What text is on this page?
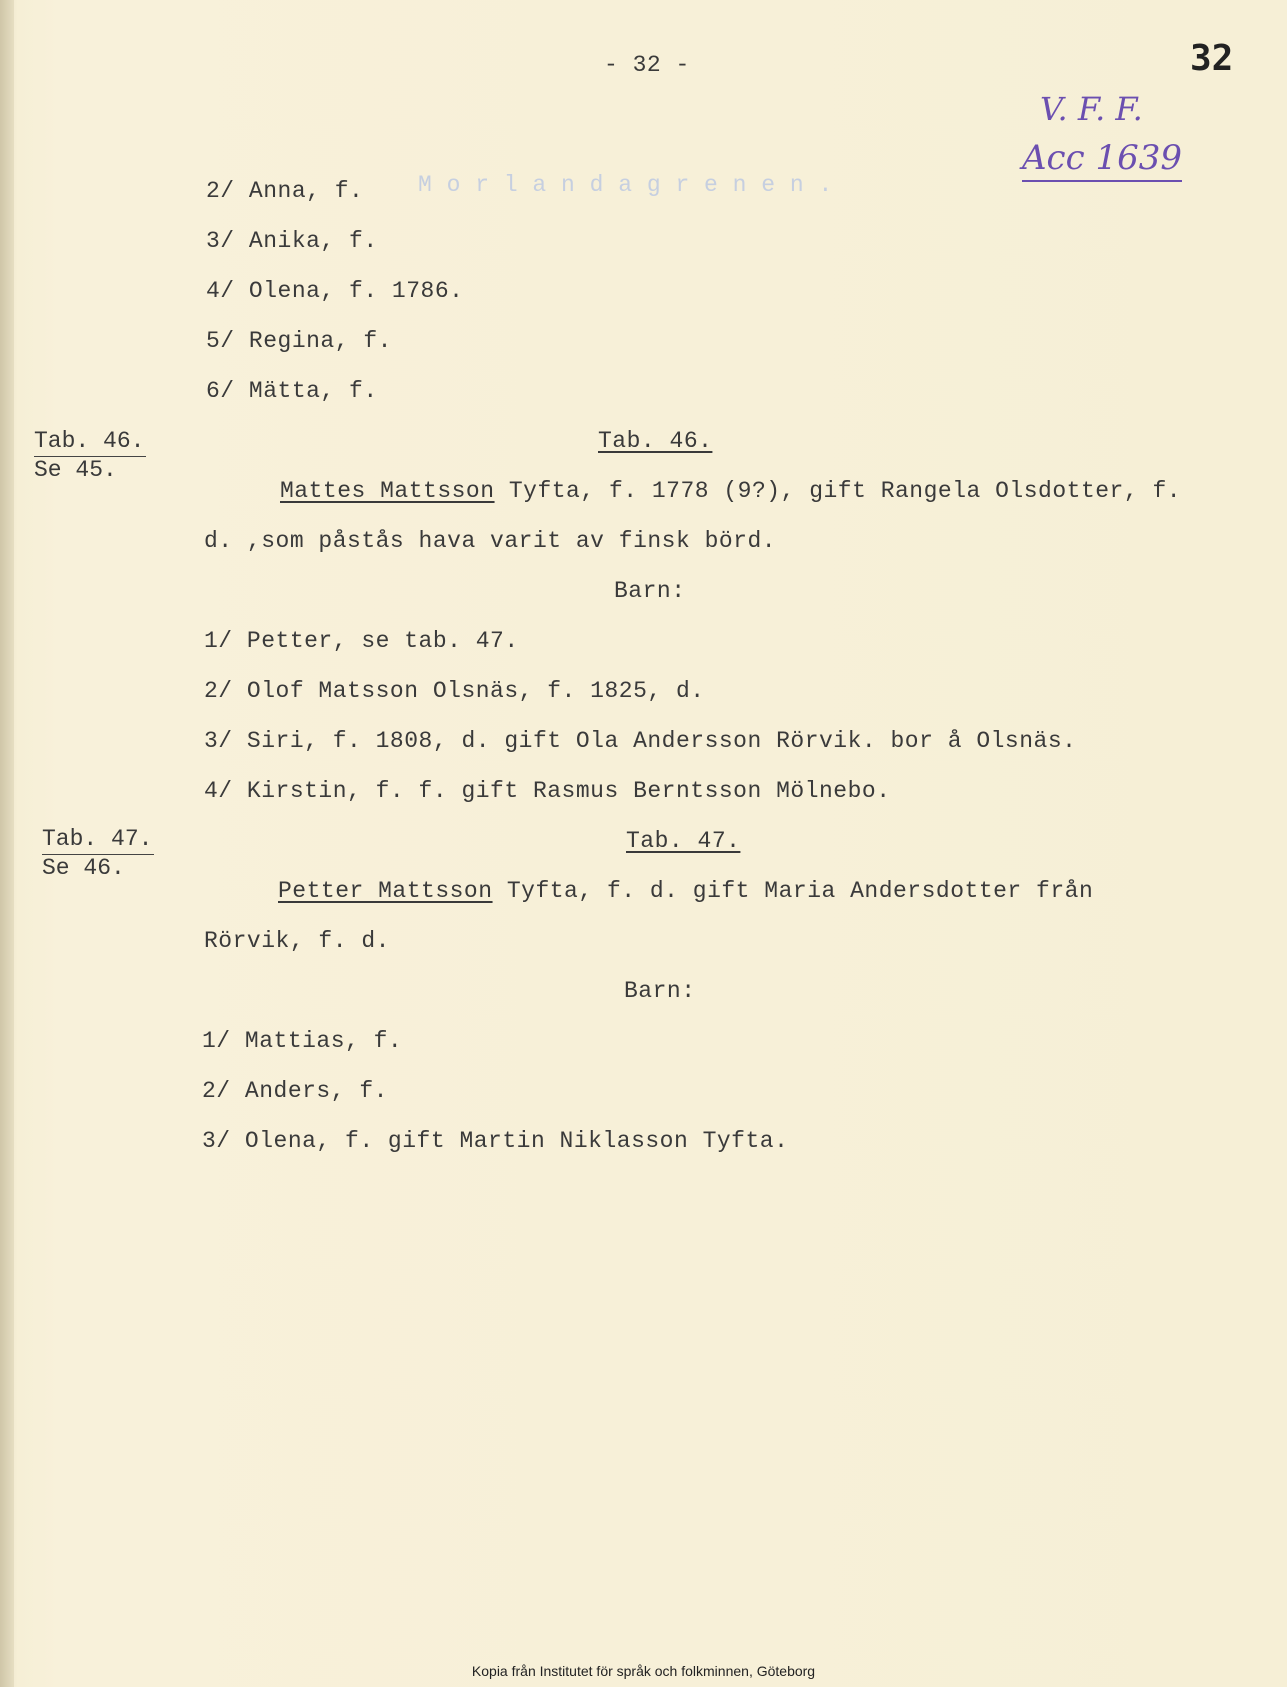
- 32 -	32
V. F. F.
Acc 1639
M o r l a n d a g r e n e n .
2/ Anna, f.
3/ Anika, f.
4/ Olena, f. 1786.
5/ Regina, f.
6/ Mätta, f.
Tab. 46.
Se 45.
Tab. 46.
Mattes Mattsson Tyfta, f. 1778 (9?), gift Rangela Olsdotter, f.
d. ,som påstås hava varit av finsk börd.
Barn:
1/ Petter, se tab. 47.
2/ Olof Matsson Olsnäs, f. 1825, d.
3/ Siri, f. 1808, d. gift Ola Andersson Rörvik. bor å Olsnäs.
4/ Kirstin, f. f. gift Rasmus Berntsson Mölnebo.
Tab. 47.
Se 46.
Tab. 47.
Petter Mattsson Tyfta, f. d. gift Maria Andersdotter från
Rörvik, f. d.
Barn:
1/ Mattias, f.
2/ Anders, f.
3/ Olena, f. gift Martin Niklasson Tyfta.
Kopia från Institutet för språk och folkminnen, Göteborg
